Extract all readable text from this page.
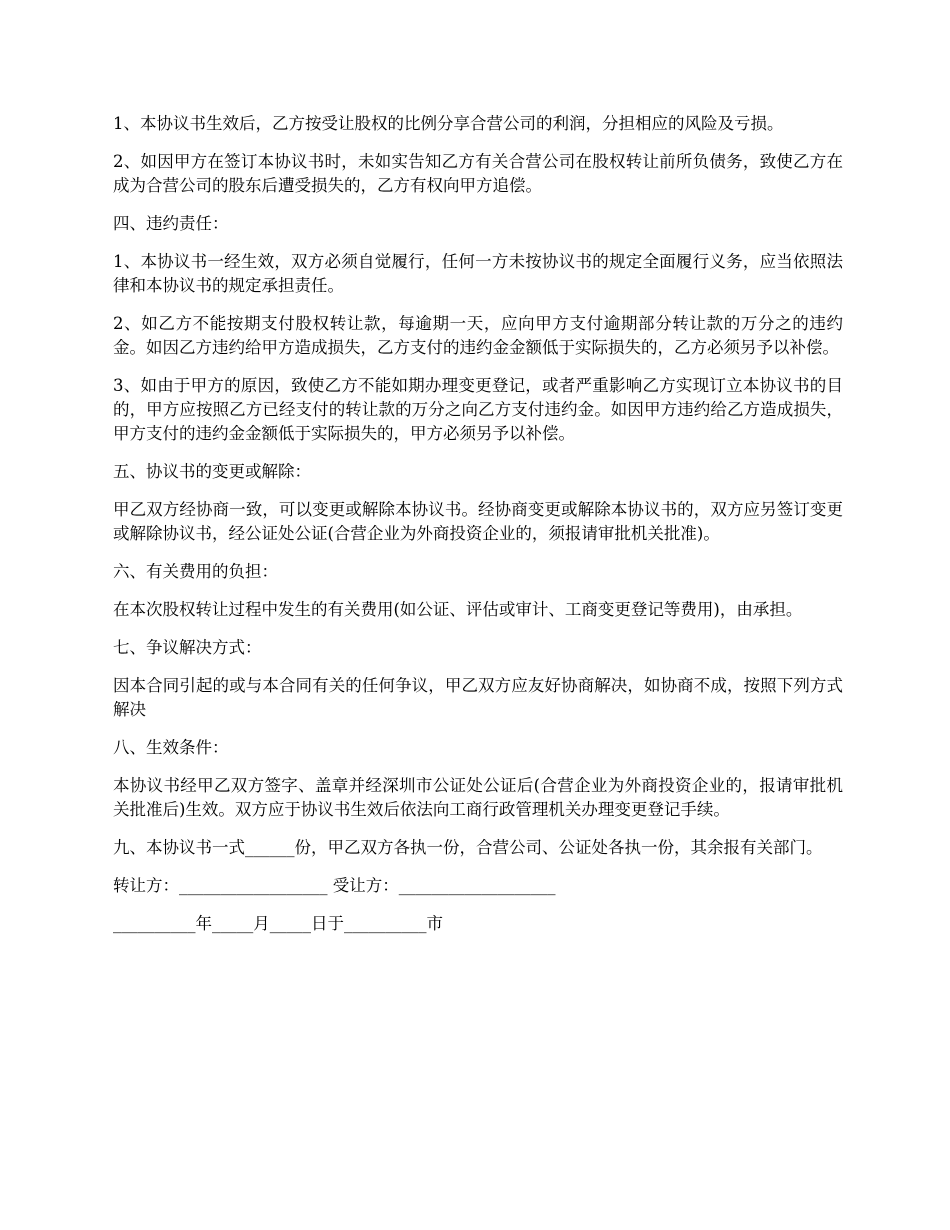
1、本协议书生效后，乙方按受让股权的比例分享合营公司的利润，分担相应的风险及亏损。

2、如因甲方在签订本协议书时，未如实告知乙方有关合营公司在股权转让前所负债务，致使乙方在成为合营公司的股东后遭受损失的，乙方有权向甲方追偿。

四、违约责任：

1、本协议书一经生效，双方必须自觉履行，任何一方未按协议书的规定全面履行义务，应当依照法律和本协议书的规定承担责任。

2、如乙方不能按期支付股权转让款，每逾期一天，应向甲方支付逾期部分转让款的万分之的违约金。如因乙方违约给甲方造成损失，乙方支付的违约金金额低于实际损失的，乙方必须另予以补偿。

3、如由于甲方的原因，致使乙方不能如期办理变更登记，或者严重影响乙方实现订立本协议书的目的，甲方应按照乙方已经支付的转让款的万分之向乙方支付违约金。如因甲方违约给乙方造成损失，甲方支付的违约金金额低于实际损失的，甲方必须另予以补偿。

五、协议书的变更或解除：

甲乙双方经协商一致，可以变更或解除本协议书。经协商变更或解除本协议书的，双方应另签订变更或解除协议书，经公证处公证(合营企业为外商投资企业的，须报请审批机关批准)。

六、有关费用的负担：

在本次股权转让过程中发生的有关费用(如公证、评估或审计、工商变更登记等费用)，由承担。

七、争议解决方式：

因本合同引起的或与本合同有关的任何争议，甲乙双方应友好协商解决，如协商不成，按照下列方式解决

八、生效条件：

本协议书经甲乙双方签字、盖章并经深圳市公证处公证后(合营企业为外商投资企业的，报请审批机关批准后)生效。双方应于协议书生效后依法向工商行政管理机关办理变更登记手续。

九、本协议书一式______份，甲乙双方各执一份，合营公司、公证处各执一份，其余报有关部门。

转让方：__________________ 受让方：___________________

__________年_____月_____日于__________市
